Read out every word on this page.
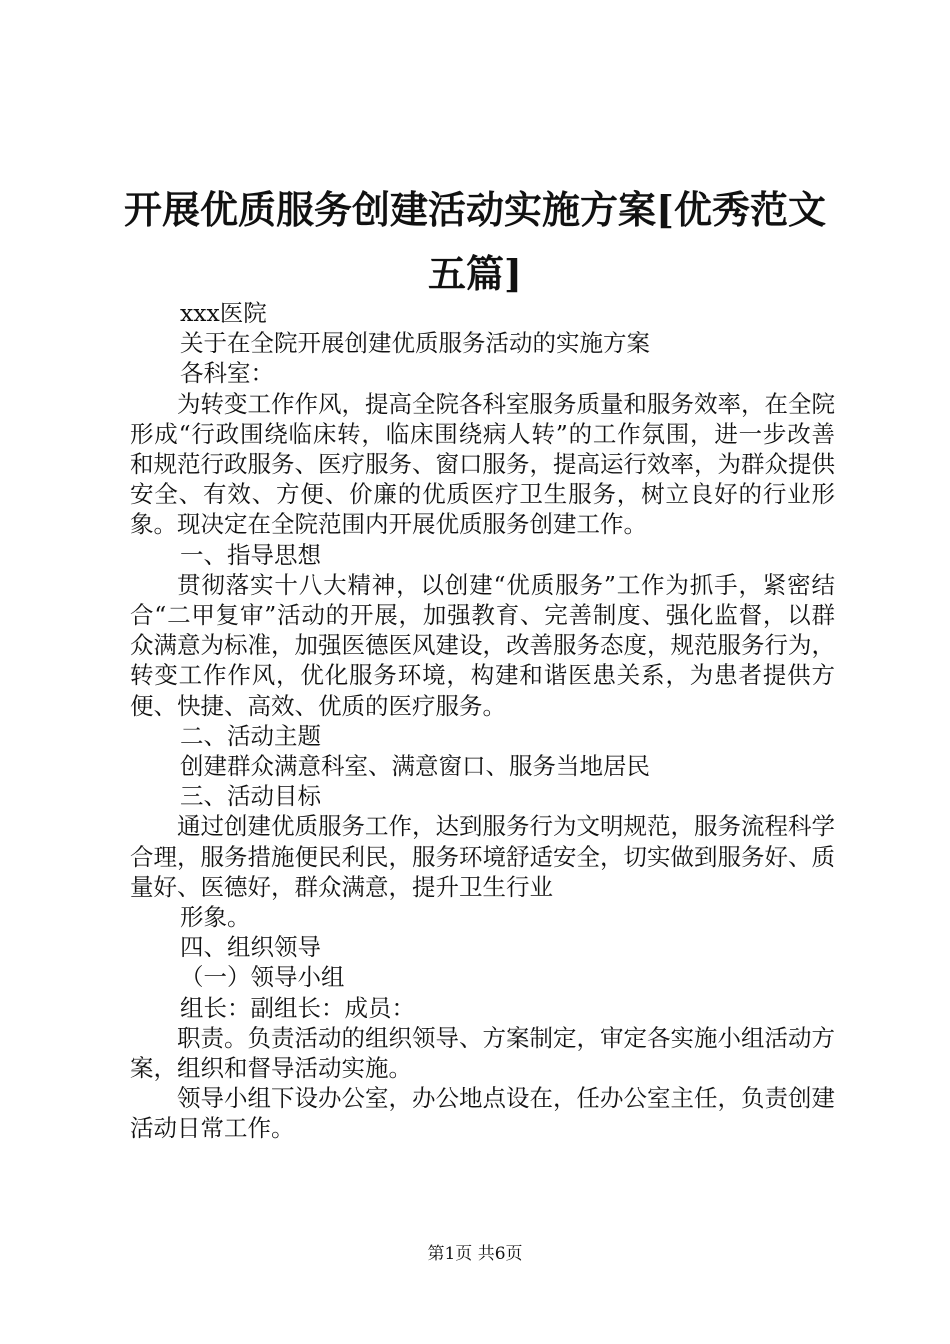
开展优质服务创建活动实施方案[优秀范文五篇]

xxx医院

关于在全院开展创建优质服务活动的实施方案

各科室：

为转变工作作风，提高全院各科室服务质量和服务效率，在全院形成“行政围绕临床转，临床围绕病人转”的工作氛围，进一步改善和规范行政服务、医疗服务、窗口服务，提高运行效率，为群众提供安全、有效、方便、价廉的优质医疗卫生服务，树立良好的行业形象。现决定在全院范围内开展优质服务创建工作。

一、指导思想

贯彻落实十八大精神，以创建“优质服务”工作为抓手，紧密结合“二甲复审”活动的开展，加强教育、完善制度、强化监督，以群众满意为标准，加强医德医风建设，改善服务态度，规范服务行为，转变工作作风，优化服务环境，构建和谐医患关系，为患者提供方便、快捷、高效、优质的医疗服务。

二、活动主题

创建群众满意科室、满意窗口、服务当地居民

三、活动目标

通过创建优质服务工作，达到服务行为文明规范，服务流程科学合理，服务措施便民利民，服务环境舒适安全，切实做到服务好、质量好、医德好，群众满意，提升卫生行业

形象。

四、组织领导

（一）领导小组

组长：副组长：成员：

职责。负责活动的组织领导、方案制定，审定各实施小组活动方案，组织和督导活动实施。

领导小组下设办公室，办公地点设在，任办公室主任，负责创建活动日常工作。

第1页 共6页
